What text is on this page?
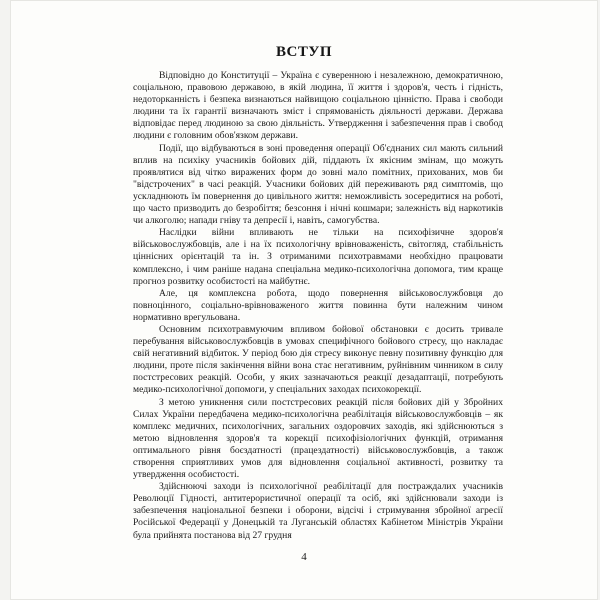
ВСТУП

Відповідно до Конституції – Україна є суверенною і незалежною, демократичною, соціальною, правовою державою, в якій людина, її життя і здоров'я, честь і гідність, недоторканність і безпека визнаються найвищою соціальною цінністю. Права і свободи людини та їх гарантії визначають зміст і спрямованість діяльності держави. Держава відповідає перед людиною за свою діяльність. Утвердження і забезпечення прав і свобод людини є головним обов'язком держави.

Події, що відбуваються в зоні проведення операції Об'єднаних сил мають сильний вплив на психіку учасників бойових дій, піддають їх якісним змінам, що можуть проявлятися від чітко виражених форм до зовні мало помітних, прихованих, мов би "відстрочених" в часі реакцій. Учасники бойових дій переживають ряд симптомів, що ускладнюють їм повернення до цивільного життя: неможливість зосередитися на роботі, що часто призводить до безробіття; безсоння і нічні кошмари; залежність від наркотиків чи алкоголю; напади гніву та депресії і, навіть, самогубства.

Наслідки війни впливають не тільки на психофізичне здоров'я військовослужбовців, але і на їх психологічну врівноваженість, світогляд, стабільність ціннісних орієнтацій та ін. З отриманими психотравмами необхідно працювати комплексно, і чим раніше надана спеціальна медико-психологічна допомога, тим краще прогноз розвитку особистості на майбутнє.

Але, ця комплексна робота, щодо повернення військовослужбовця до повноцінного, соціально-врівноваженого життя повинна бути належним чином нормативно врегульована.

Основним психотравмуючим впливом бойової обстановки є досить тривале перебування військовослужбовців в умовах специфічного бойового стресу, що накладає свій негативний відбиток. У період бою дія стресу виконує певну позитивну функцію для людини, проте після закінчення війни вона стає негативним, руйнівним чинником в силу постстресових реакцій. Особи, у яких зазначаються реакції дезадаптації, потребують медико-психологічної допомоги, у спеціальних заходах психокорекції.

З метою уникнення сили постстресових реакцій після бойових дій у Збройних Силах України передбачена медико-психологічна реабілітація військовослужбовців – як комплекс медичних, психологічних, загальних оздоровчих заходів, які здійснюються з метою відновлення здоров'я та корекції психофізіологічних функцій, отримання оптимального рівня боєздатності (працездатності) військовослужбовців, а також створення сприятливих умов для відновлення соціальної активності, розвитку та утвердження особистості.

Здійснюючі заходи із психологічної реабілітації для постраждалих учасників Революції Гідності, антитерористичної операції та осіб, які здійснювали заходи із забезпечення національної безпеки і оборони, відсічі і стримування збройної агресії Російської Федерації у Донецькій та Луганській областях Кабінетом Міністрів України була прийнята постанова від 27 грудня

4
